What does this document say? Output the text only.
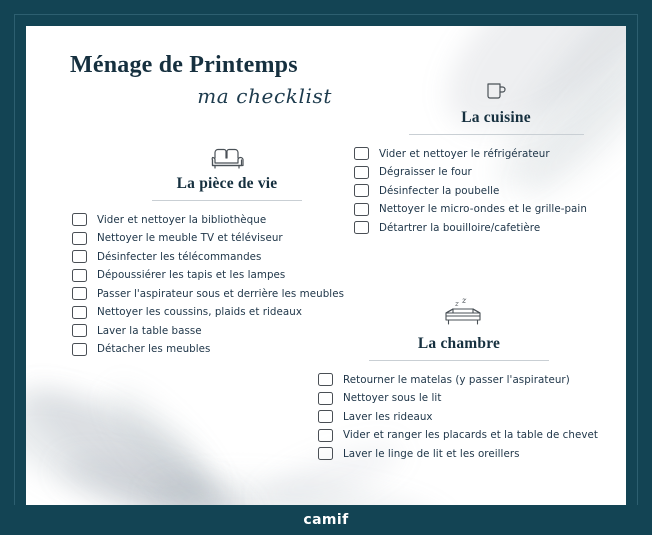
Ménage de Printemps
ma checklist
La pièce de vie
Vider et nettoyer la bibliothèque
Nettoyer le meuble TV et téléviseur
Désinfecter les télécommandes
Dépoussiérer les tapis et les lampes
Passer l'aspirateur sous et derrière les meubles
Nettoyer les coussins, plaids et rideaux
Laver la table basse
Détacher les meubles
La cuisine
Vider et nettoyer le réfrigérateur
Dégraisser le four
Désinfecter la poubelle
Nettoyer le micro-ondes et le grille-pain
Détartrer la bouilloire/cafetière
z z
La chambre
Retourner le matelas (y passer l'aspirateur)
Nettoyer sous le lit
Laver les rideaux
Vider et ranger les placards et la table de chevet
Laver le linge de lit et les oreillers
camif
